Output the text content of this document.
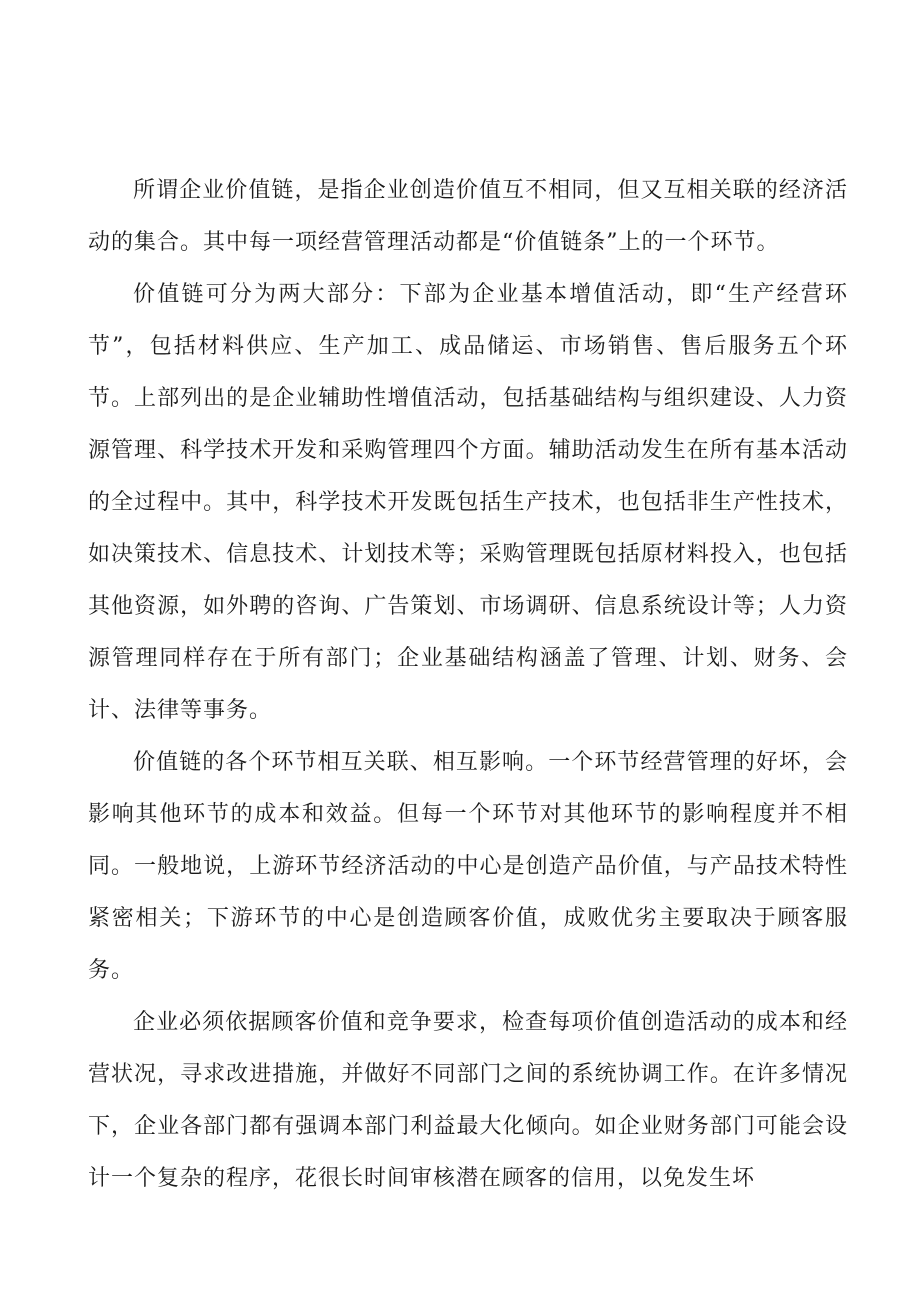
所谓企业价值链，是指企业创造价值互不相同，但又互相关联的经济活动的集合。其中每一项经营管理活动都是“价值链条”上的一个环节。

价值链可分为两大部分：下部为企业基本增值活动，即“生产经营环节”，包括材料供应、生产加工、成品储运、市场销售、售后服务五个环节。上部列出的是企业辅助性增值活动，包括基础结构与组织建设、人力资源管理、科学技术开发和采购管理四个方面。辅助活动发生在所有基本活动的全过程中。其中，科学技术开发既包括生产技术，也包括非生产性技术，如决策技术、信息技术、计划技术等；采购管理既包括原材料投入，也包括其他资源，如外聘的咨询、广告策划、市场调研、信息系统设计等；人力资源管理同样存在于所有部门；企业基础结构涵盖了管理、计划、财务、会计、法律等事务。

价值链的各个环节相互关联、相互影响。一个环节经营管理的好坏，会影响其他环节的成本和效益。但每一个环节对其他环节的影响程度并不相同。一般地说，上游环节经济活动的中心是创造产品价值，与产品技术特性紧密相关；下游环节的中心是创造顾客价值，成败优劣主要取决于顾客服务。

企业必须依据顾客价值和竞争要求，检查每项价值创造活动的成本和经营状况，寻求改进措施，并做好不同部门之间的系统协调工作。在许多情况下，企业各部门都有强调本部门利益最大化倾向。如企业财务部门可能会设计一个复杂的程序，花很长时间审核潜在顾客的信用，以免发生坏
